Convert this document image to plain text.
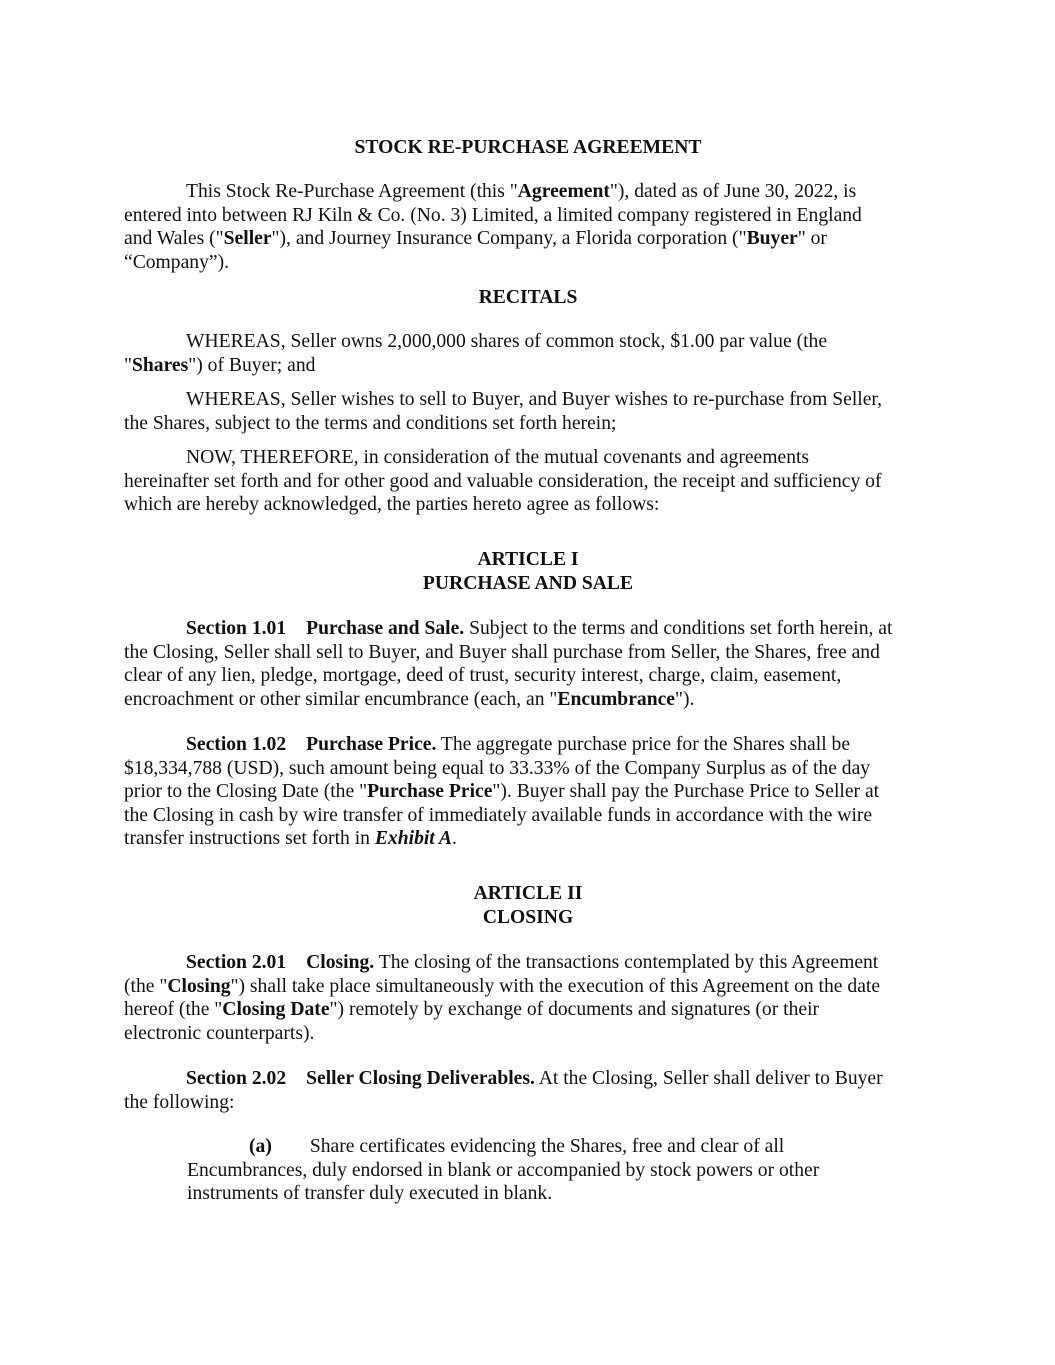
STOCK RE-PURCHASE AGREEMENT
This Stock Re-Purchase Agreement (this "Agreement"), dated as of June 30, 2022, is
entered into between RJ Kiln & Co. (No. 3) Limited, a limited company registered in England
and Wales ("Seller"), and Journey Insurance Company, a Florida corporation ("Buyer" or
“Company”).
RECITALS
WHEREAS, Seller owns 2,000,000 shares of common stock, $1.00 par value (the
"Shares") of Buyer; and
WHEREAS, Seller wishes to sell to Buyer, and Buyer wishes to re-purchase from Seller,
the Shares, subject to the terms and conditions set forth herein;
NOW, THEREFORE, in consideration of the mutual covenants and agreements
hereinafter set forth and for other good and valuable consideration, the receipt and sufficiency of
which are hereby acknowledged, the parties hereto agree as follows:
ARTICLE I
PURCHASE AND SALE
Section 1.01 Purchase and Sale. Subject to the terms and conditions set forth herein, at
the Closing, Seller shall sell to Buyer, and Buyer shall purchase from Seller, the Shares, free and
clear of any lien, pledge, mortgage, deed of trust, security interest, charge, claim, easement,
encroachment or other similar encumbrance (each, an "Encumbrance").
Section 1.02 Purchase Price. The aggregate purchase price for the Shares shall be
$18,334,788 (USD), such amount being equal to 33.33% of the Company Surplus as of the day
prior to the Closing Date (the "Purchase Price"). Buyer shall pay the Purchase Price to Seller at
the Closing in cash by wire transfer of immediately available funds in accordance with the wire
transfer instructions set forth in Exhibit A.
ARTICLE II
CLOSING
Section 2.01 Closing. The closing of the transactions contemplated by this Agreement
(the "Closing") shall take place simultaneously with the execution of this Agreement on the date
hereof (the "Closing Date") remotely by exchange of documents and signatures (or their
electronic counterparts).
Section 2.02 Seller Closing Deliverables. At the Closing, Seller shall deliver to Buyer
the following:
(a) Share certificates evidencing the Shares, free and clear of all
Encumbrances, duly endorsed in blank or accompanied by stock powers or other
instruments of transfer duly executed in blank.
